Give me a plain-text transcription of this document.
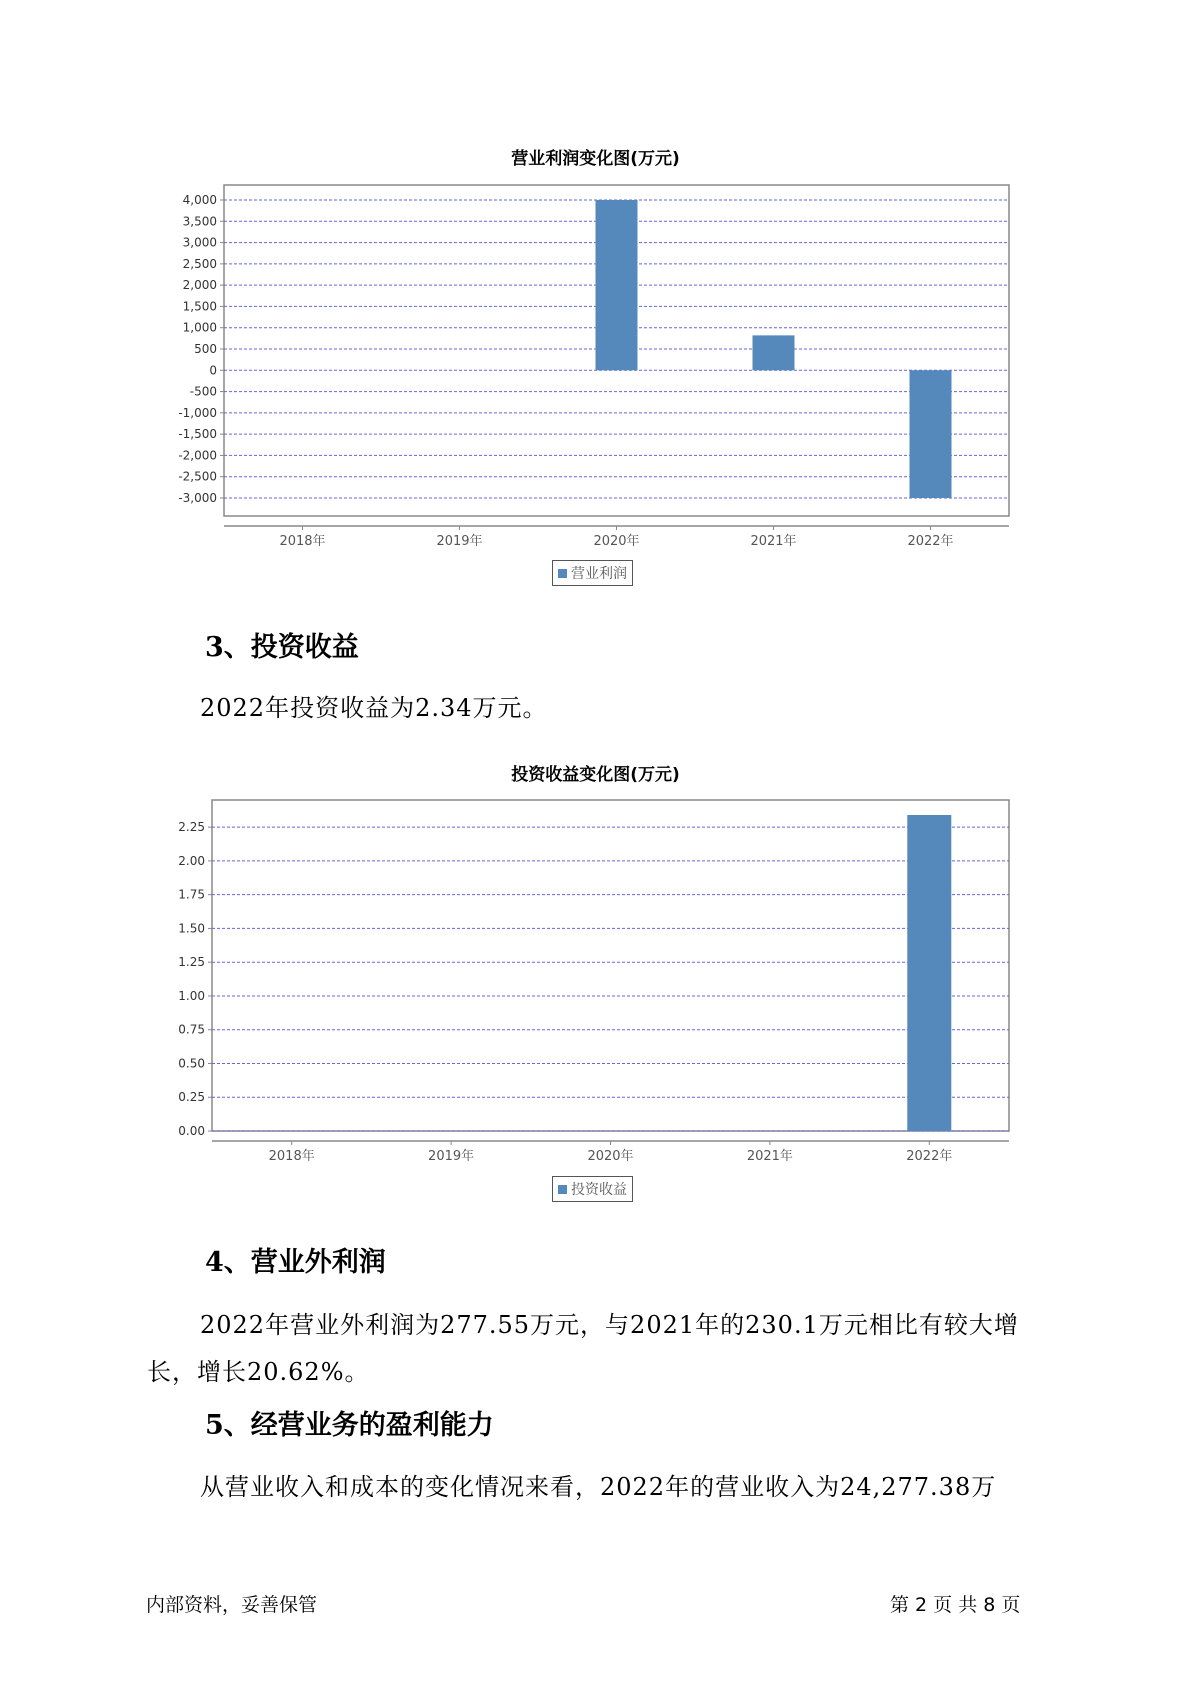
营业利润变化图(万元)
4,000
3,500
3,000
2,500
2,000
1,500
1,000
500
0
-500
-1,000
-1,500
-2,000
-2,500
-3,000
2018年	2019年	2020年	2021年	2022年
营业利润
3、投资收益
2022年投资收益为2.34万元。
投资收益变化图(万元)
2.25
2.00
1.75
1.50
1.25
1.00
0.75
0.50
0.25
0.00
2018年	2019年	2020年	2021年	2022年
投资收益
4、营业外利润
2022年营业外利润为277.55万元，与2021年的230.1万元相比有较大增
长，增长20.62%。
5、经营业务的盈利能力
从营业收入和成本的变化情况来看，2022年的营业收入为24,277.38万
内部资料，妥善保管	第 2 页 共 8 页
